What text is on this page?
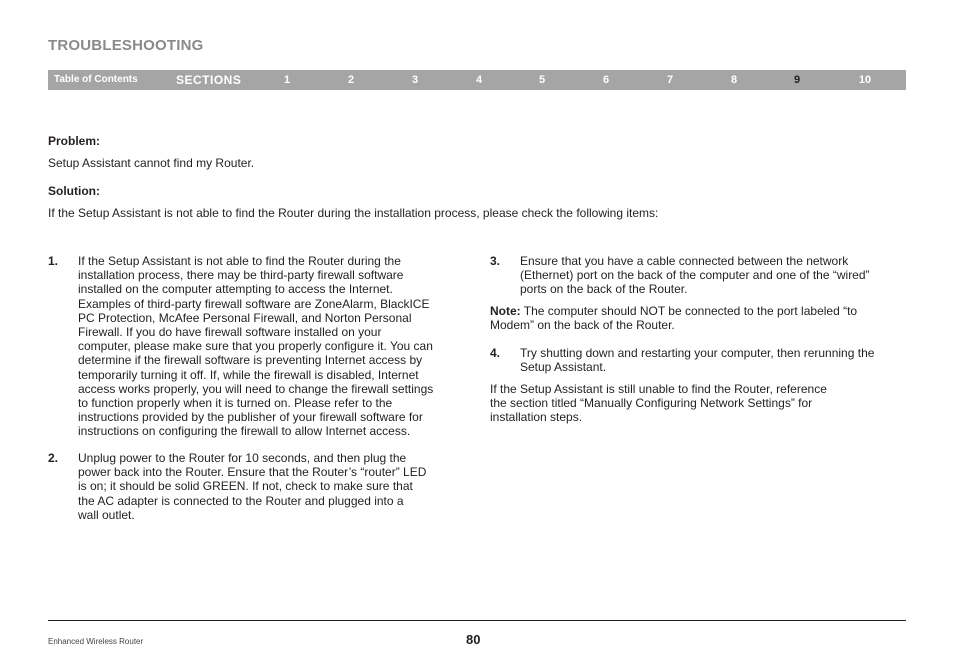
TROUBLESHOOTING
Table of Contents	SECTIONS	1	2	3	4	5	6	7	8	9	10
Problem:
Setup Assistant cannot find my Router.
Solution:
If the Setup Assistant is not able to find the Router during the installation process, please check the following items:
1. If the Setup Assistant is not able to find the Router during the
installation process, there may be third-party firewall software
installed on the computer attempting to access the Internet.
Examples of third-party firewall software are ZoneAlarm, BlackICE
PC Protection, McAfee Personal Firewall, and Norton Personal
Firewall. If you do have firewall software installed on your
computer, please make sure that you properly configure it. You can
determine if the firewall software is preventing Internet access by
temporarily turning it off. If, while the firewall is disabled, Internet
access works properly, you will need to change the firewall settings
to function properly when it is turned on. Please refer to the
instructions provided by the publisher of your firewall software for
instructions on configuring the firewall to allow Internet access.
2. Unplug power to the Router for 10 seconds, and then plug the
power back into the Router. Ensure that the Router’s “router” LED
is on; it should be solid GREEN. If not, check to make sure that
the AC adapter is connected to the Router and plugged into a
wall outlet.
3. Ensure that you have a cable connected between the network
(Ethernet) port on the back of the computer and one of the “wired”
ports on the back of the Router.
Note: The computer should NOT be connected to the port labeled “to
Modem” on the back of the Router.
4. Try shutting down and restarting your computer, then rerunning the
Setup Assistant.
If the Setup Assistant is still unable to find the Router, reference
the section titled “Manually Configuring Network Settings” for
installation steps.
Enhanced Wireless Router	80
